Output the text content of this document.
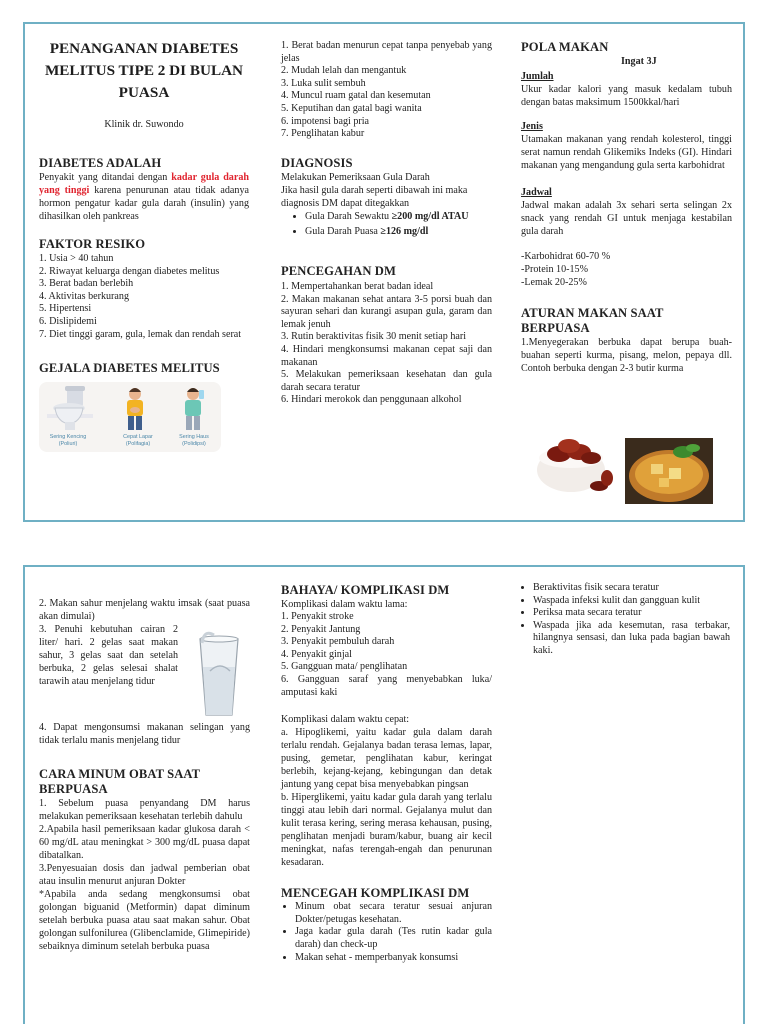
PENANGANAN DIABETES MELITUS TIPE 2 DI BULAN PUASA
Klinik dr. Suwondo
DIABETES ADALAH
Penyakit yang ditandai dengan kadar gula darah yang tinggi karena penurunan atau tidak adanya hormon pengatur kadar gula darah (insulin) yang dihasilkan oleh pankreas
FAKTOR RESIKO
1. Usia > 40 tahun
2. Riwayat keluarga dengan diabetes melitus
3. Berat badan berlebih
4. Aktivitas berkurang
5. Hipertensi
6. Dislipidemi
7. Diet tinggi garam, gula, lemak dan rendah serat
GEJALA DIABETES MELITUS
Sering Kencing
(Poliuri)
Cepat Lapar
(Polifagia)
Sering Haus
(Polidipsi)
1. Berat badan menurun cepat tanpa penyebab yang jelas
2. Mudah lelah dan mengantuk
3. Luka sulit sembuh
4. Muncul ruam gatal dan kesemutan
5. Keputihan dan gatal bagi wanita
6. impotensi bagi pria
7. Penglihatan kabur
DIAGNOSIS
Melakukan Pemeriksaan Gula Darah
Jika hasil gula darah seperti dibawah ini maka diagnosis DM dapat ditegakkan
• Gula Darah Sewaktu ≥200 mg/dl ATAU
• Gula Darah Puasa ≥126 mg/dl
PENCEGAHAN DM
1. Mempertahankan berat badan ideal
2. Makan makanan sehat antara 3-5 porsi buah dan sayuran sehari dan kurangi asupan gula, garam dan lemak jenuh
3. Rutin beraktivitas fisik 30 menit setiap hari
4. Hindari mengkonsumsi makanan cepat saji dan makanan
5. Melakukan pemeriksaan kesehatan dan gula darah secara teratur
6. Hindari merokok dan penggunaan alkohol
POLA MAKAN
Ingat 3J
Jumlah
Ukur kadar kalori yang masuk kedalam tubuh dengan batas maksimum 1500kkal/hari
Jenis
Utamakan makanan yang rendah kolesterol, tinggi serat namun rendah Glikemiks Indeks (GI). Hindari makanan yang mengandung gula serta karbohidrat
Jadwal
Jadwal makan adalah 3x sehari serta selingan 2x snack yang rendah GI untuk menjaga kestabilan gula darah
-Karbohidrat 60-70 %
-Protein 10-15%
-Lemak 20-25%
ATURAN MAKAN SAAT BERPUASA
1.Menyegerakan berbuka dapat berupa buah-buahan seperti kurma, pisang, melon, pepaya dll. Contoh berbuka dengan 2-3 butir kurma
2. Makan sahur menjelang waktu imsak (saat puasa akan dimulai)
3. Penuhi kebutuhan cairan 2 liter/ hari. 2 gelas saat makan sahur, 3 gelas saat dan setelah berbuka, 2 gelas selesai shalat tarawih atau menjelang tidur
4. Dapat mengonsumsi makanan selingan yang tidak terlalu manis menjelang tidur
CARA MINUM OBAT SAAT BERPUASA
1. Sebelum puasa penyandang DM harus melakukan pemeriksaan kesehatan terlebih dahulu
2.Apabila hasil pemeriksaan kadar glukosa darah < 60 mg/dL atau meningkat > 300 mg/dL puasa dapat dibatalkan.
3.Penyesuaian dosis dan jadwal pemberian obat atau insulin menurut anjuran Dokter
*Apabila anda sedang mengkonsumsi obat golongan biguanid (Metformin) dapat diminum setelah berbuka puasa atau saat makan sahur. Obat golongan sulfonilurea (Glibenclamide, Glimepiride) sebaiknya diminum setelah berbuka puasa
BAHAYA/ KOMPLIKASI DM
Komplikasi dalam waktu lama:
1. Penyakit stroke
2. Penyakit Jantung
3. Penyakit pembuluh darah
4. Penyakit ginjal
5. Gangguan mata/ penglihatan
6. Gangguan saraf yang menyebabkan luka/ amputasi kaki
Komplikasi dalam waktu cepat:
a. Hipoglikemi, yaitu kadar gula dalam darah terlalu rendah. Gejalanya badan terasa lemas, lapar, pusing, gemetar, penglihatan kabur, keringat berlebih, kejang-kejang, kebingungan dan detak jantung yang cepat bisa menyebabkan pingsan
b. Hiperglikemi, yaitu kadar gula darah yang terlalu tinggi atau lebih dari normal. Gejalanya mulut dan kulit terasa kering, sering merasa kehausan, pusing, penglihatan menjadi buram/kabur, buang air kecil meningkat, nafas terengah-engah dan penurunan kesadaran.
MENCEGAH KOMPLIKASI DM
• Minum obat secara teratur sesuai anjuran Dokter/petugas kesehatan.
• Jaga kadar gula darah (Tes rutin kadar gula darah) dan check-up
• Makan sehat - memperbanyak konsumsi
• Beraktivitas fisik secara teratur
• Waspada infeksi kulit dan gangguan kulit
• Periksa mata secara teratur
• Waspada jika ada kesemutan, rasa terbakar, hilangnya sensasi, dan luka pada bagian bawah kaki.
